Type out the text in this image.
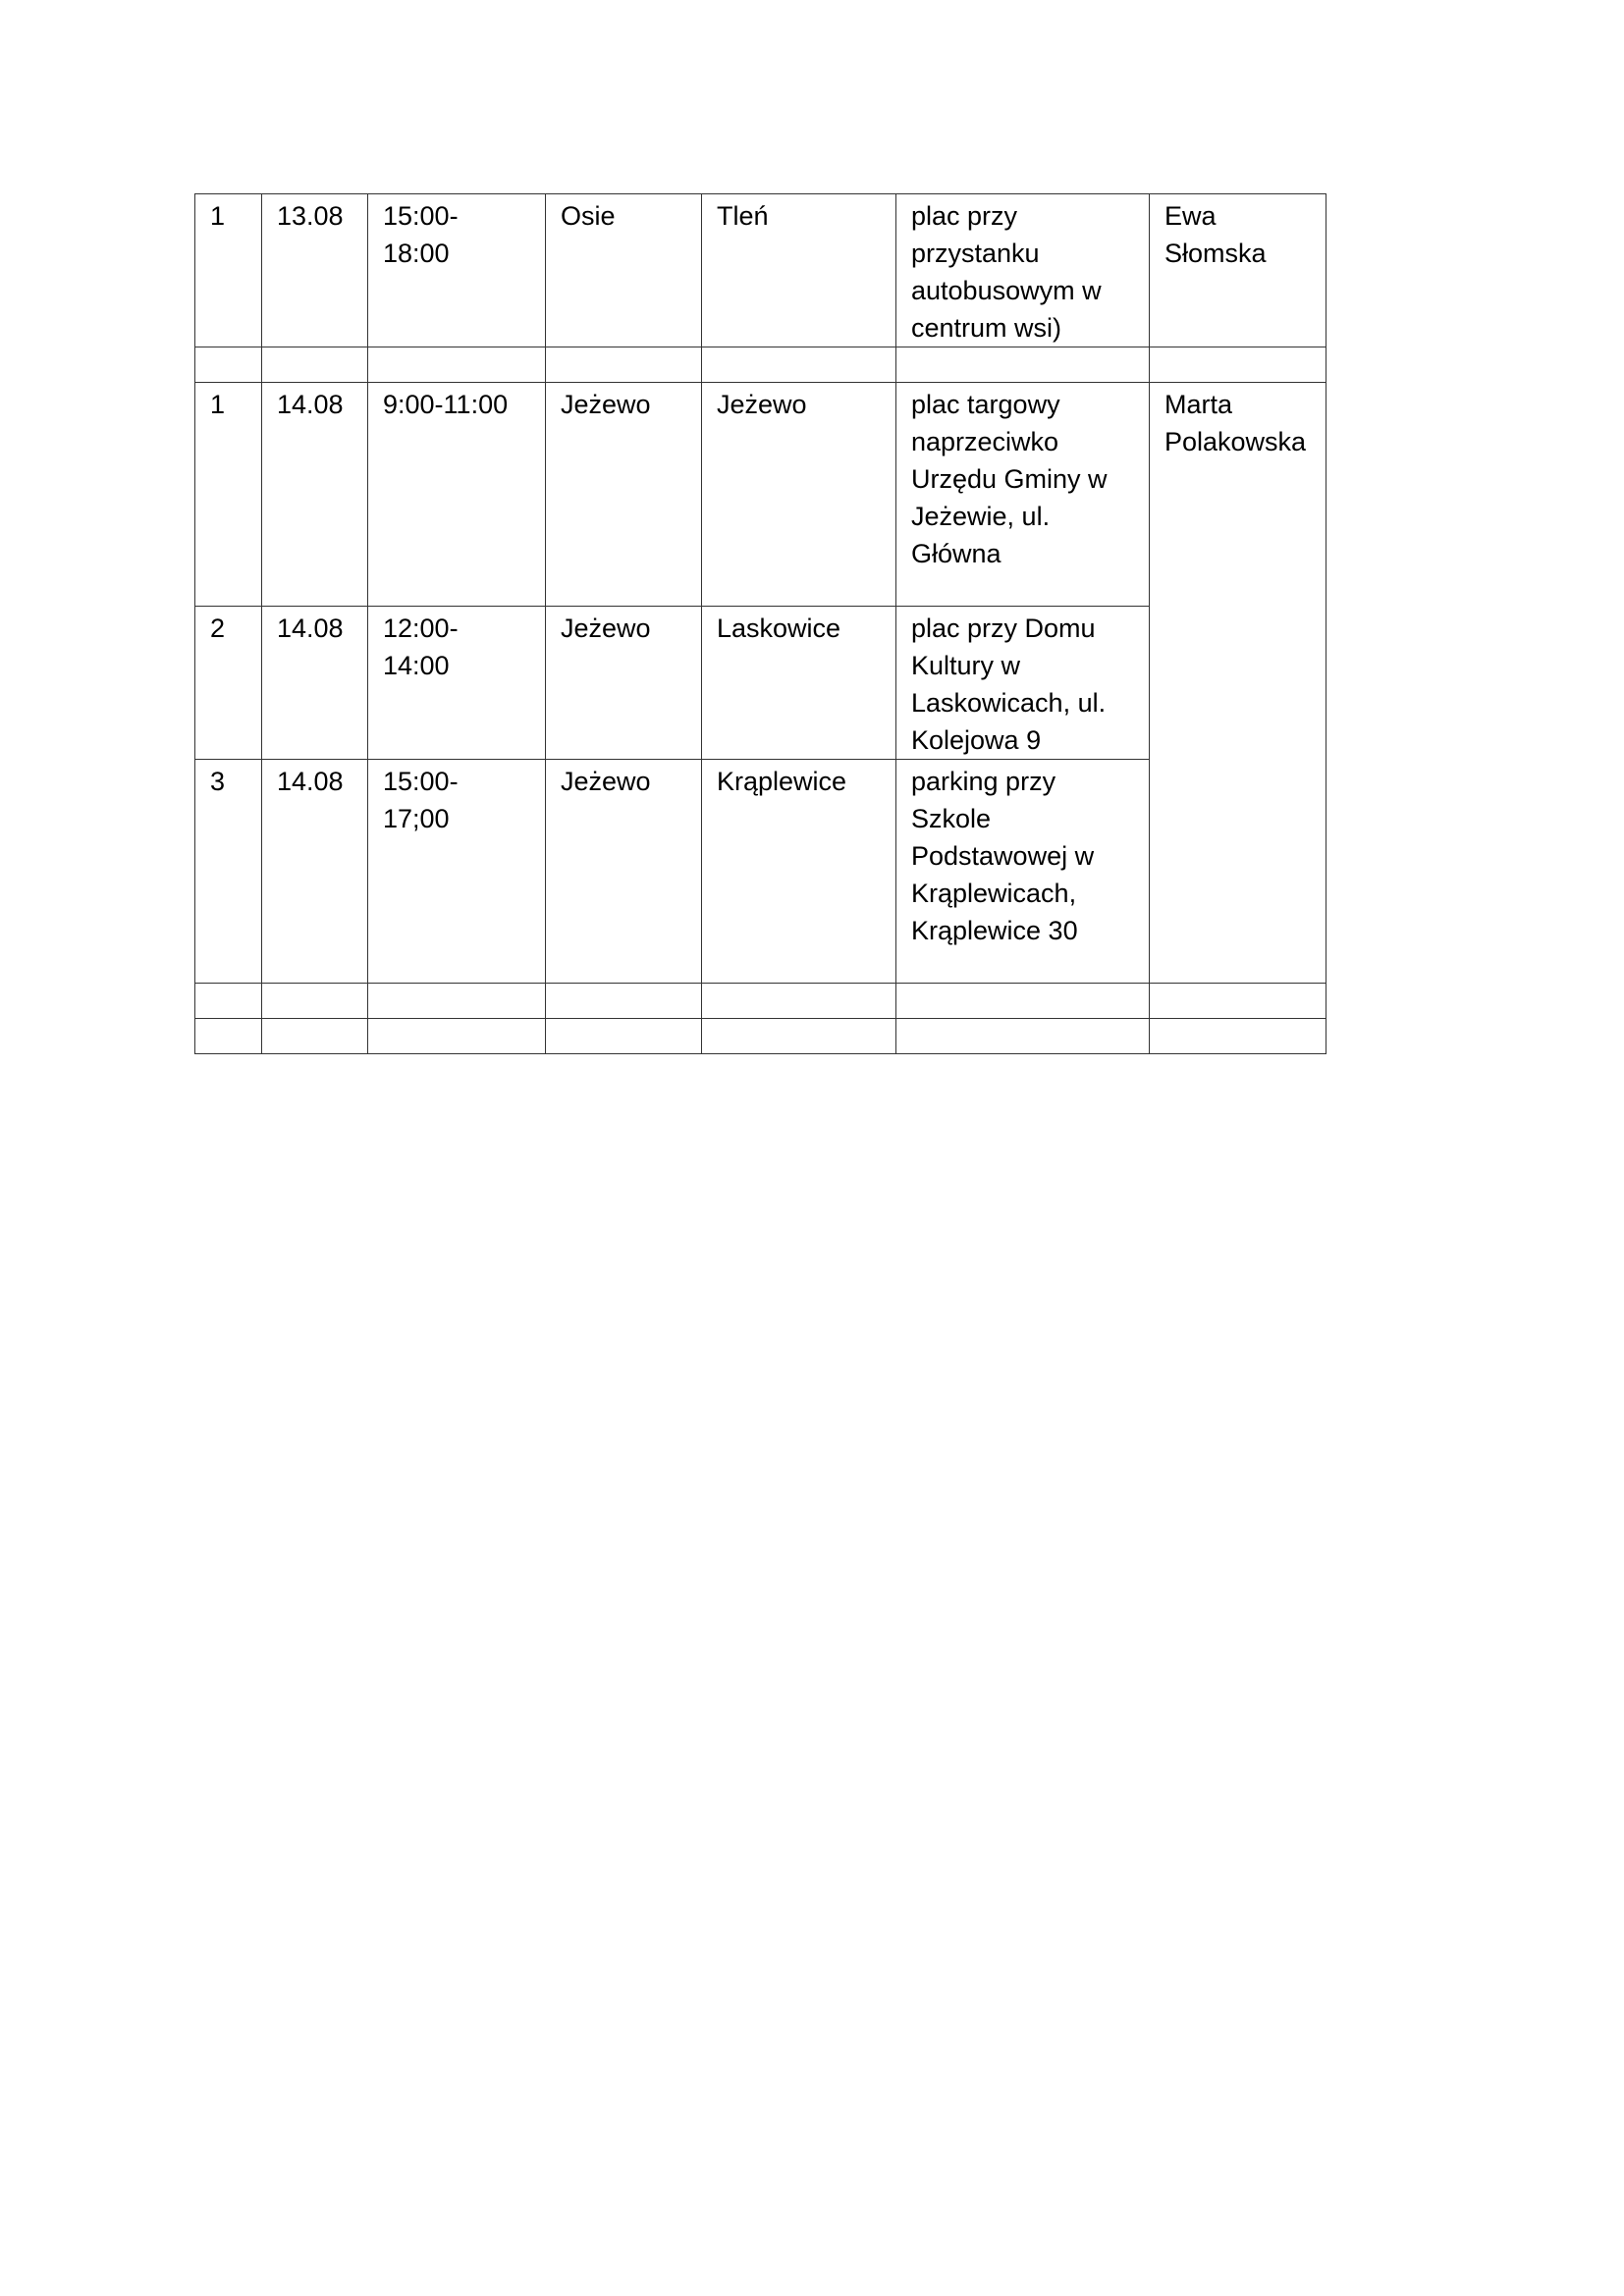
1	13.08	15:00-
18:00	Osie	Tleń	plac przy
przystanku
autobusowym w
centrum wsi)	Ewa
Słomska

1	14.08	9:00-11:00	Jeżewo	Jeżewo	plac targowy
naprzeciwko
Urzędu Gminy w
Jeżewie, ul.
Główna	Marta
Polakowska
2	14.08	12:00-
14:00	Jeżewo	Laskowice	plac przy Domu
Kultury w
Laskowicach, ul.
Kolejowa 9	
3	14.08	15:00-
17;00	Jeżewo	Krąplewice	parking przy
Szkole
Podstawowej w
Krąplewicach,
Krąplewice 30	
